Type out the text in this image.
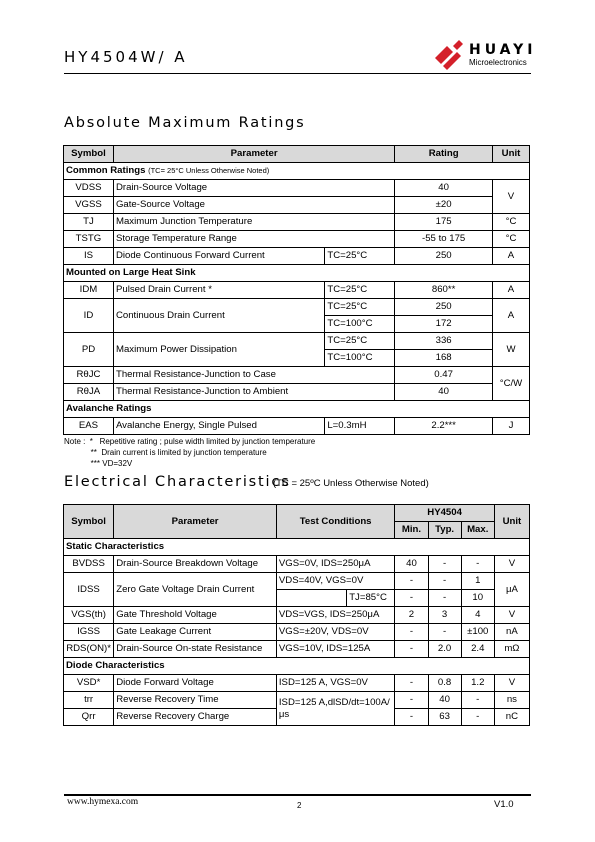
HY4504W/ A	HUAYI
Microelectronics
Absolute Maximum Ratings
Symbol	Parameter		Rating	Unit
Common Ratings (TC= 25°C Unless Otherwise Noted)				
VDSS	Drain-Source Voltage		40	V
VGSS	Gate-Source Voltage		±20	
TJ	Maximum Junction Temperature		175	°C
TSTG	Storage Temperature Range		-55 to 175	°C
IS	Diode Continuous Forward Current	TC=25°C	250	A
Mounted on Large Heat Sink				
IDM	Pulsed Drain Current *	TC=25°C	860**	A
ID	Continuous Drain Current	TC=25°C	250	A
		TC=100°C	172	
PD	Maximum Power Dissipation	TC=25°C	336	W
		TC=100°C	168	
RθJC	Thermal Resistance-Junction to Case		0.47	°C/W
RθJA	Thermal Resistance-Junction to Ambient		40	
Avalanche Ratings				
EAS	Avalanche Energy, Single Pulsed	L=0.3mH	2.2***	J
Note :  *   Repetitive rating ; pulse width limited by junction temperature
**  Drain current is limited by junction temperature
*** VD=32V
Electrical Characteristics
(TC = 25ºC Unless Otherwise Noted)
Symbol	Parameter	Test Conditions		HY4504			Unit
				Min.	Typ.	Max.	
Static Characteristics							
BVDSS	Drain-Source Breakdown Voltage	VGS=0V, IDS=250μA		40	-	-	V
IDSS	Zero Gate Voltage Drain Current	VDS=40V, VGS=0V		-	-	1	μA
			TJ=85°C	-	-	10	
VGS(th)	Gate Threshold Voltage	VDS=VGS, IDS=250μA		2	3	4	V
IGSS	Gate Leakage Current	VGS=±20V, VDS=0V		-	-	±100	nA
RDS(ON)*	Drain-Source On-state Resistance	VGS=10V, IDS=125A		-	2.0	2.4	mΩ
Diode Characteristics							
VSD*	Diode Forward Voltage	ISD=125 A, VGS=0V		-	0.8	1.2	V
trr	Reverse Recovery Time	ISD=125 A,dlSD/dt=100A/μs		-	40	-	ns
Qrr	Reverse Recovery Charge			-	63	-	nC
www.hymexa.com	2	V1.0
